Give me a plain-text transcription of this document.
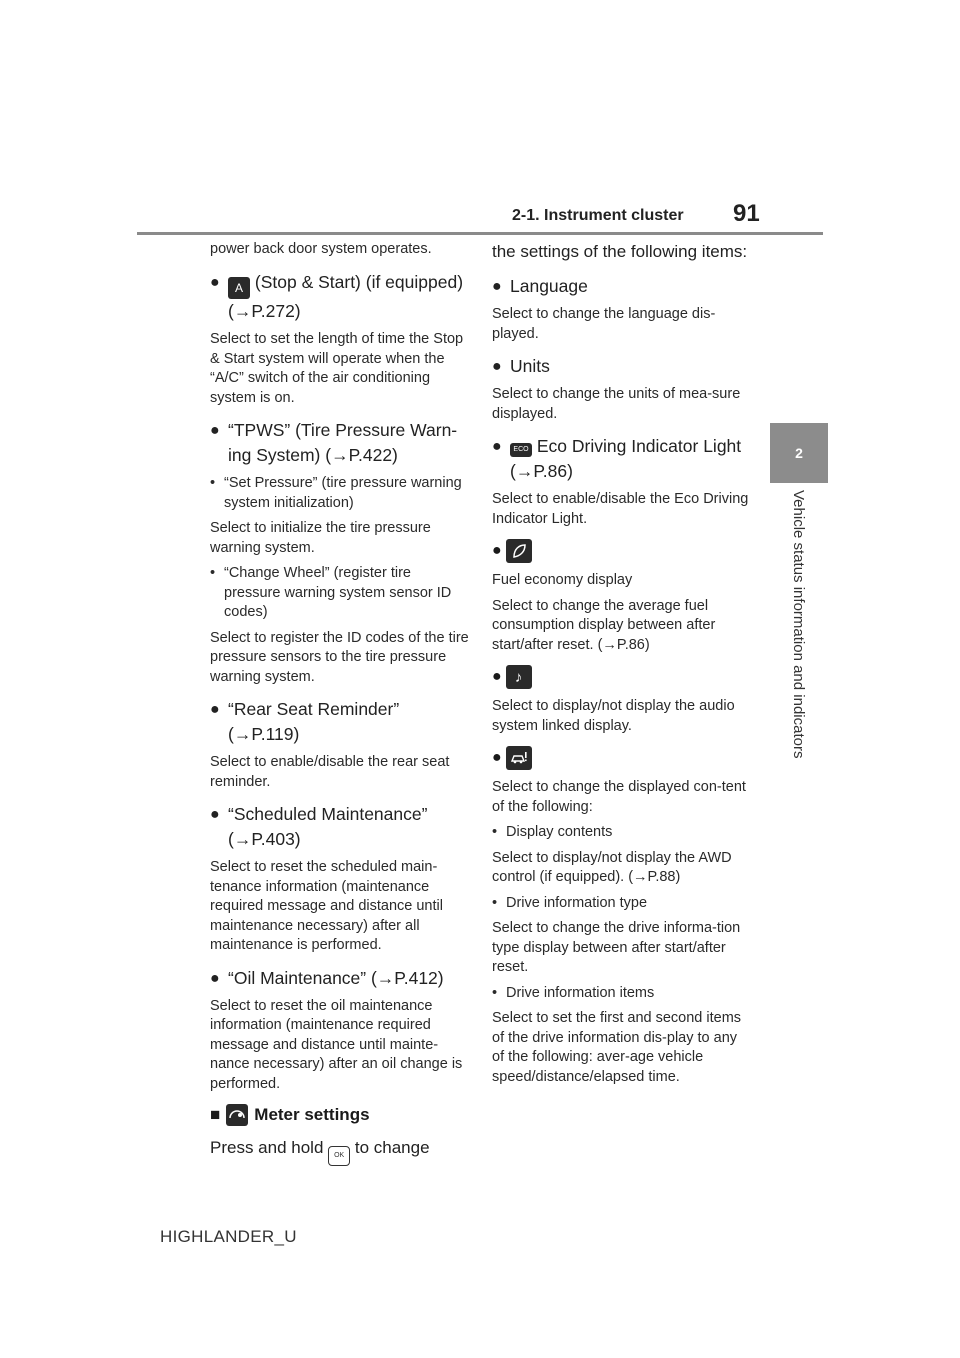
2-1. Instrument cluster 91
2
Vehicle status information and indicators

power back door system operates.

● A (Stop & Start) (if equipped) (→P.272)

Select to set the length of time the Stop & Start system will operate when the “A/C” switch of the air conditioning system is on.

● “TPWS” (Tire Pressure Warn-ing System) (→P.422)
• “Set Pressure” (tire pressure warning system initialization)

Select to initialize the tire pressure warning system.

• “Change Wheel” (register tire pressure warning system sensor ID codes)

Select to register the ID codes of the tire pressure sensors to the tire pressure warning system.

● “Rear Seat Reminder” (→P.119)

Select to enable/disable the rear seat reminder.

● “Scheduled Maintenance” (→P.403)

Select to reset the scheduled main-tenance information (maintenance required message and distance until maintenance necessary) after all maintenance is performed.

● “Oil Maintenance” (→P.412)

Select to reset the oil maintenance information (maintenance required message and distance until mainte-nance necessary) after an oil change is performed.

■ Meter settings

Press and hold OK to change

the settings of the following items:

● Language

Select to change the language dis-played.

● Units

Select to change the units of mea-sure displayed.

● ECO Eco Driving Indicator Light (→P.86)

Select to enable/disable the Eco Driving Indicator Light.

●

Fuel economy display

Select to change the average fuel consumption display between after start/after reset. (→P.86)

● ♪

Select to display/not display the audio system linked display.

●

Select to change the displayed con-tent of the following:

• Display contents

Select to display/not display the AWD control (if equipped). (→P.88)

• Drive information type

Select to change the drive informa-tion type display between after start/after reset.

• Drive information items

Select to set the first and second items of the drive information dis-play to any of the following: aver-age vehicle speed/distance/elapsed time.

HIGHLANDER_U
